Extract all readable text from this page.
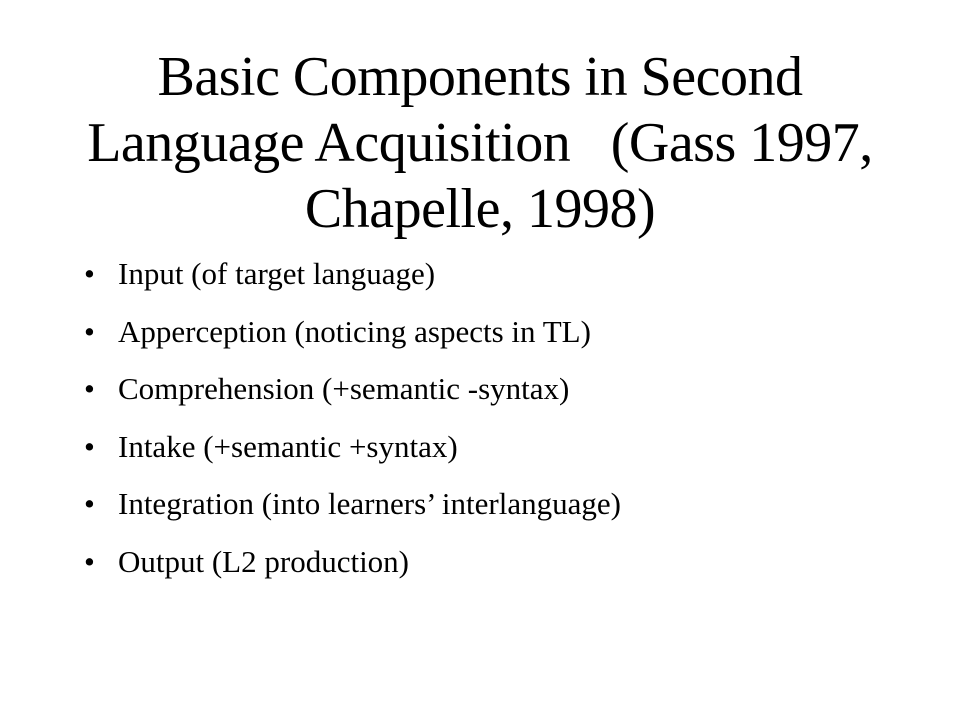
Basic Components in Second Language Acquisition   (Gass 1997, Chapelle, 1998)
• Input (of target language)
• Apperception (noticing aspects in TL)
• Comprehension (+semantic -syntax)
• Intake (+semantic +syntax)
• Integration (into learners’ interlanguage)
• Output (L2 production)
